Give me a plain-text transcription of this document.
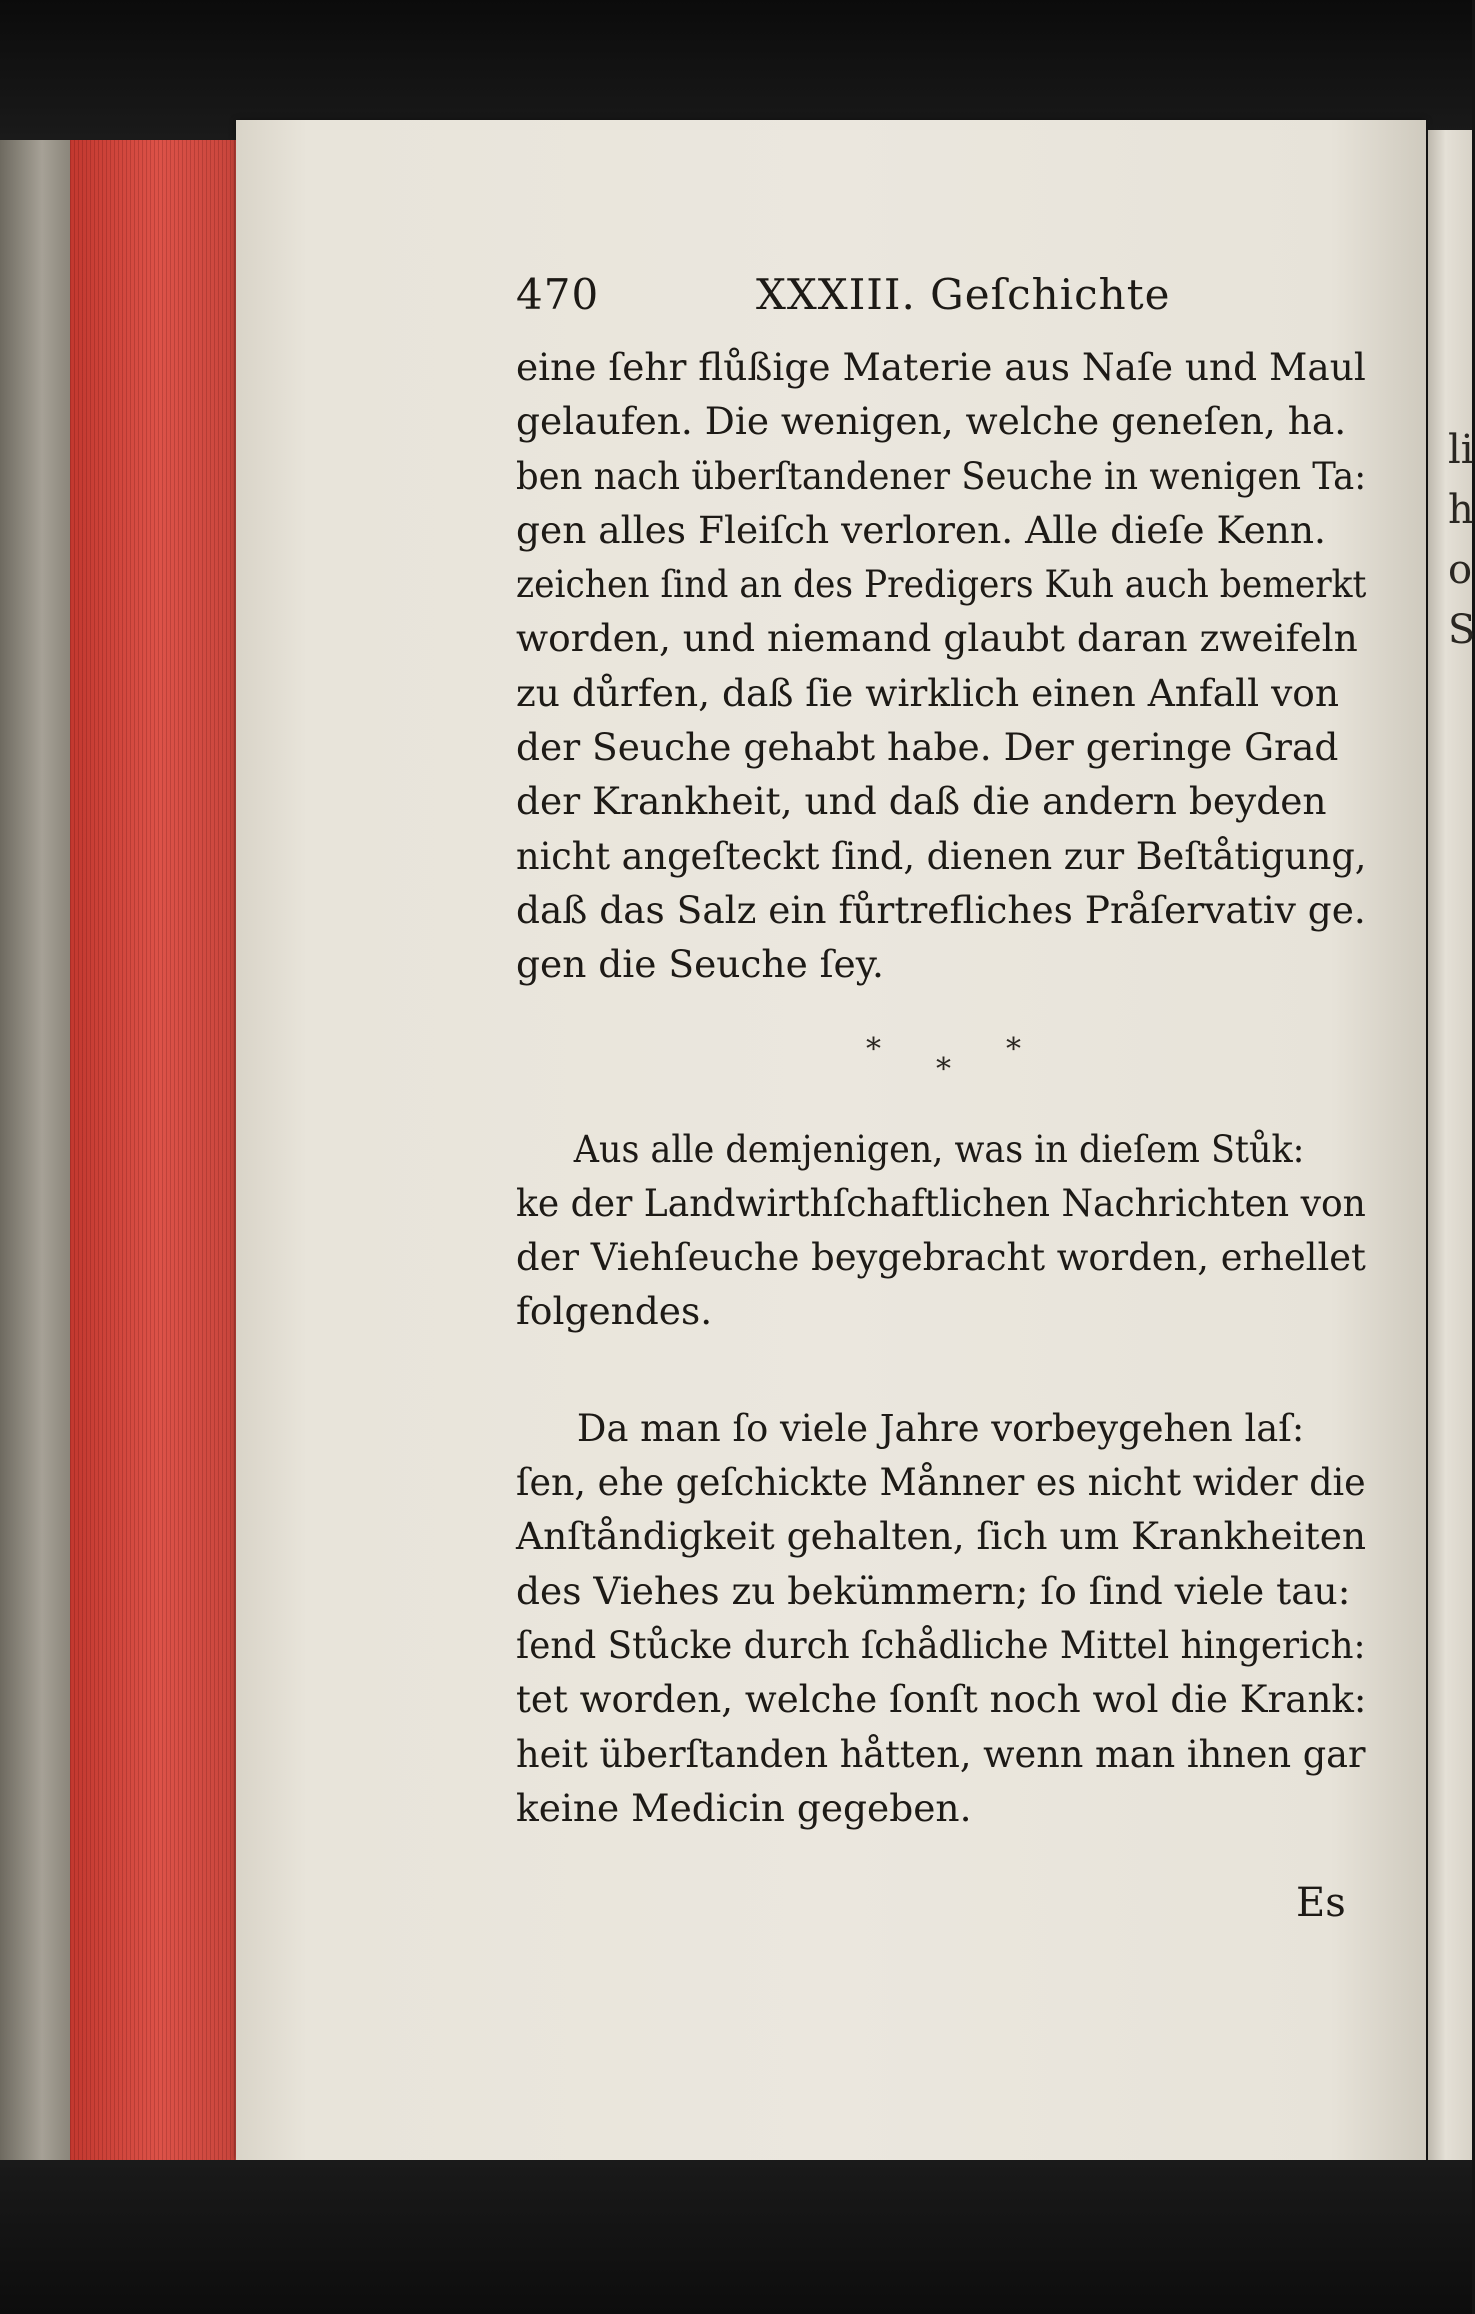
li
h
o
S
470	XXXIII. Geſchichte

eine ſehr flůßige Materie aus Naſe und Maul
gelaufen. Die wenigen, welche geneſen, ha.
ben nach überſtandener Seuche in wenigen Ta:
gen alles Fleiſch verloren. Alle dieſe Kenn.
zeichen ſind an des Predigers Kuh auch bemerkt
worden, und niemand glaubt daran zweifeln
zu důrfen, daß ſie wirklich einen Anfall von
der Seuche gehabt habe. Der geringe Grad
der Krankheit, und daß die andern beyden
nicht angeſteckt ſind, dienen zur Beſtåtigung,
daß das Salz ein fůrtrefliches Pråſervativ ge.
gen die Seuche ſey.

*
*
*

Aus alle demjenigen, was in dieſem Stůk:
ke der Landwirthſchaftlichen Nachrichten von
der Viehſeuche beygebracht worden, erhellet
folgendes.

Da man ſo viele Jahre vorbeygehen laſ:
ſen, ehe geſchickte Månner es nicht wider die
Anſtåndigkeit gehalten, ſich um Krankheiten
des Viehes zu bekümmern; ſo ſind viele tau:
ſend Stůcke durch ſchådliche Mittel hingerich:
tet worden, welche ſonſt noch wol die Krank:
heit überſtanden håtten, wenn man ihnen gar
keine Medicin gegeben.

Es
